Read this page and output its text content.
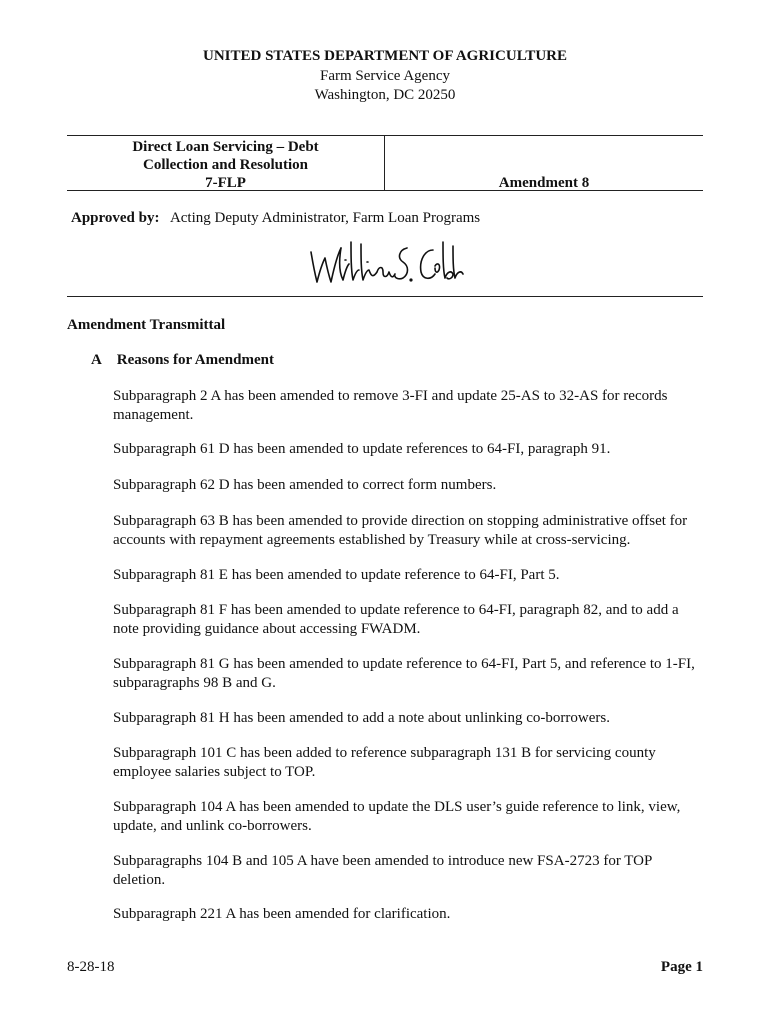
UNITED STATES DEPARTMENT OF AGRICULTURE
Farm Service Agency
Washington, DC 20250
Direct Loan Servicing – Debt
Collection and Resolution
7-FLP	Amendment 8
Approved by: Acting Deputy Administrator, Farm Loan Programs
Amendment Transmittal
A Reasons for Amendment
Subparagraph 2 A has been amended to remove 3-FI and update 25-AS to 32-AS for records management.
Subparagraph 61 D has been amended to update references to 64-FI, paragraph 91.
Subparagraph 62 D has been amended to correct form numbers.
Subparagraph 63 B has been amended to provide direction on stopping administrative offset for accounts with repayment agreements established by Treasury while at cross-servicing.
Subparagraph 81 E has been amended to update reference to 64-FI, Part 5.
Subparagraph 81 F has been amended to update reference to 64-FI, paragraph 82, and to add a note providing guidance about accessing FWADM.
Subparagraph 81 G has been amended to update reference to 64-FI, Part 5, and reference to 1-FI, subparagraphs 98 B and G.
Subparagraph 81 H has been amended to add a note about unlinking co-borrowers.
Subparagraph 101 C has been added to reference subparagraph 131 B for servicing county employee salaries subject to TOP.
Subparagraph 104 A has been amended to update the DLS user’s guide reference to link, view, update, and unlink co-borrowers.
Subparagraphs 104 B and 105 A have been amended to introduce new FSA-2723 for TOP deletion.
Subparagraph 221 A has been amended for clarification.
8-28-18	Page 1
